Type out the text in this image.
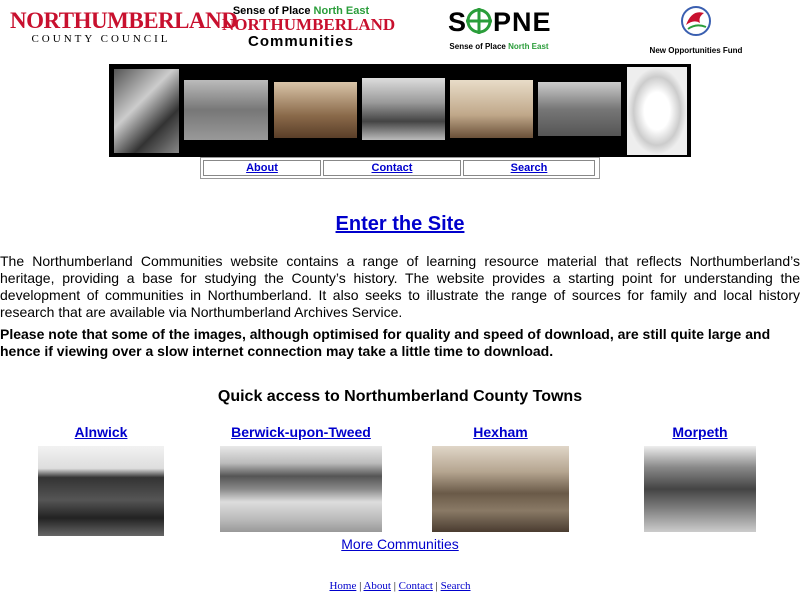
NORTHUMBERLAND
COUNTY COUNCIL
Sense of Place North East
NORTHUMBERLAND
Communities
S PNE
Sense of Place North East	New Opportunities Fund
About	Contact	Search
Enter the Site
The Northumberland Communities website contains a range of learning resource material that reflects Northumberland’s heritage, providing a base for studying the County’s history. The website provides a starting point for understanding the development of communities in Northumberland. It also seeks to illustrate the range of sources for family and local history research that are available via Northumberland Archives Service.
Please note that some of the images, although optimised for quality and speed of download, are still quite large and hence if viewing over a slow internet connection may take a little time to download.
Quick access to Northumberland County Towns
Alnwick	Berwick-upon-Tweed	Hexham	Morpeth
More Communities
Home | About | Contact | Search
